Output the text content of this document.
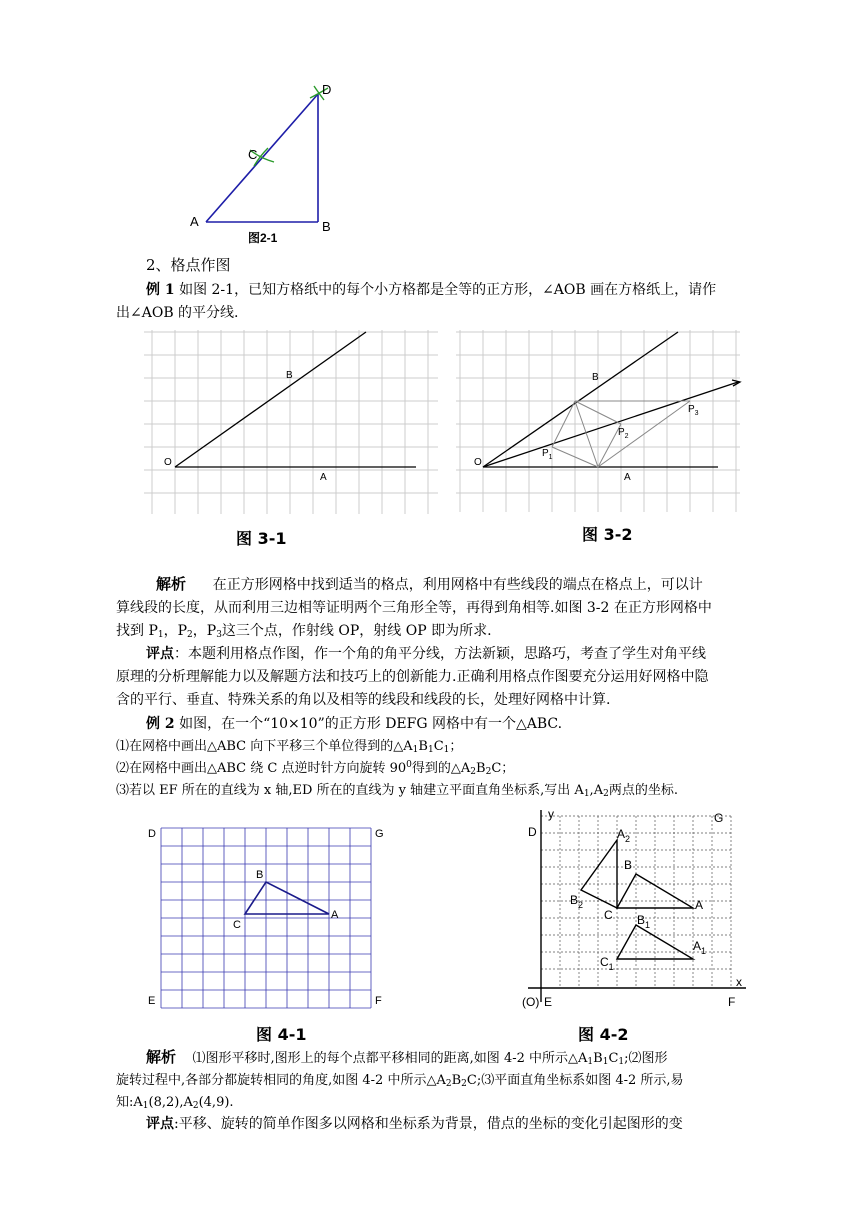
A	B
C
D
图2-1
2、格点作图
例 1 如图 2-1，已知方格纸中的每个小方格都是全等的正方形，∠AOB 画在方格纸上，请作
出∠AOB 的平分线.
O
A
B
图 3-1
O
A
B
$P_1$
$P_2$
$P_3$
图 3-2
解析 在正方形网格中找到适当的格点，利用网格中有些线段的端点在格点上，可以计
算线段的长度，从而利用三边相等证明两个三角形全等，再得到角相等.如图 3-2 在正方形网格中
找到 $P_1$，$P_2$，$P_3$这三个点，作射线 OP，射线 OP 即为所求.
评点：本题利用格点作图，作一个角的角平分线，方法新颖，思路巧，考查了学生对角平线
原理的分析理解能力以及解题方法和技巧上的创新能力.正确利用格点作图要充分运用好网格中隐
含的平行、垂直、特殊关系的角以及相等的线段和线段的长，处理好网格中计算.
例 2 如图，在一个“10×10”的正方形 DEFG 网格中有一个△ABC.
⑴在网格中画出△ABC 向下平移三个单位得到的$\triangle A_1B_1C_1$；
⑵在网格中画出△ABC 绕 C 点逆时针方向旋转 $90^0$得到的$\triangle A_2B_2C$；
⑶若以 EF 所在的直线为 x 轴,ED 所在的直线为 y 轴建立平面直角坐标系,写出 $A_1,A_2$两点的坐标.
D	G
E	F
B
C
A
图 4-1
y
x
D
G
(O) E	F
$A_2$
B
$B_2$
C
A
$B_1$
$A_1$
$C_1$
图 4-2
解析 ⑴图形平移时,图形上的每个点都平移相同的距离,如图 4-2 中所示$\triangle A_1B_1C_1;⑵$图形
旋转过程中,各部分都旋转相同的角度,如图 4-2 中所示$\triangle A_2B_2C;⑶$平面直角坐标系如图 4-2 所示,易
知$:A_1(8,2),A_2(4,9)$.
评点:平移、旋转的简单作图多以网格和坐标系为背景，借点的坐标的变化引起图形的变
